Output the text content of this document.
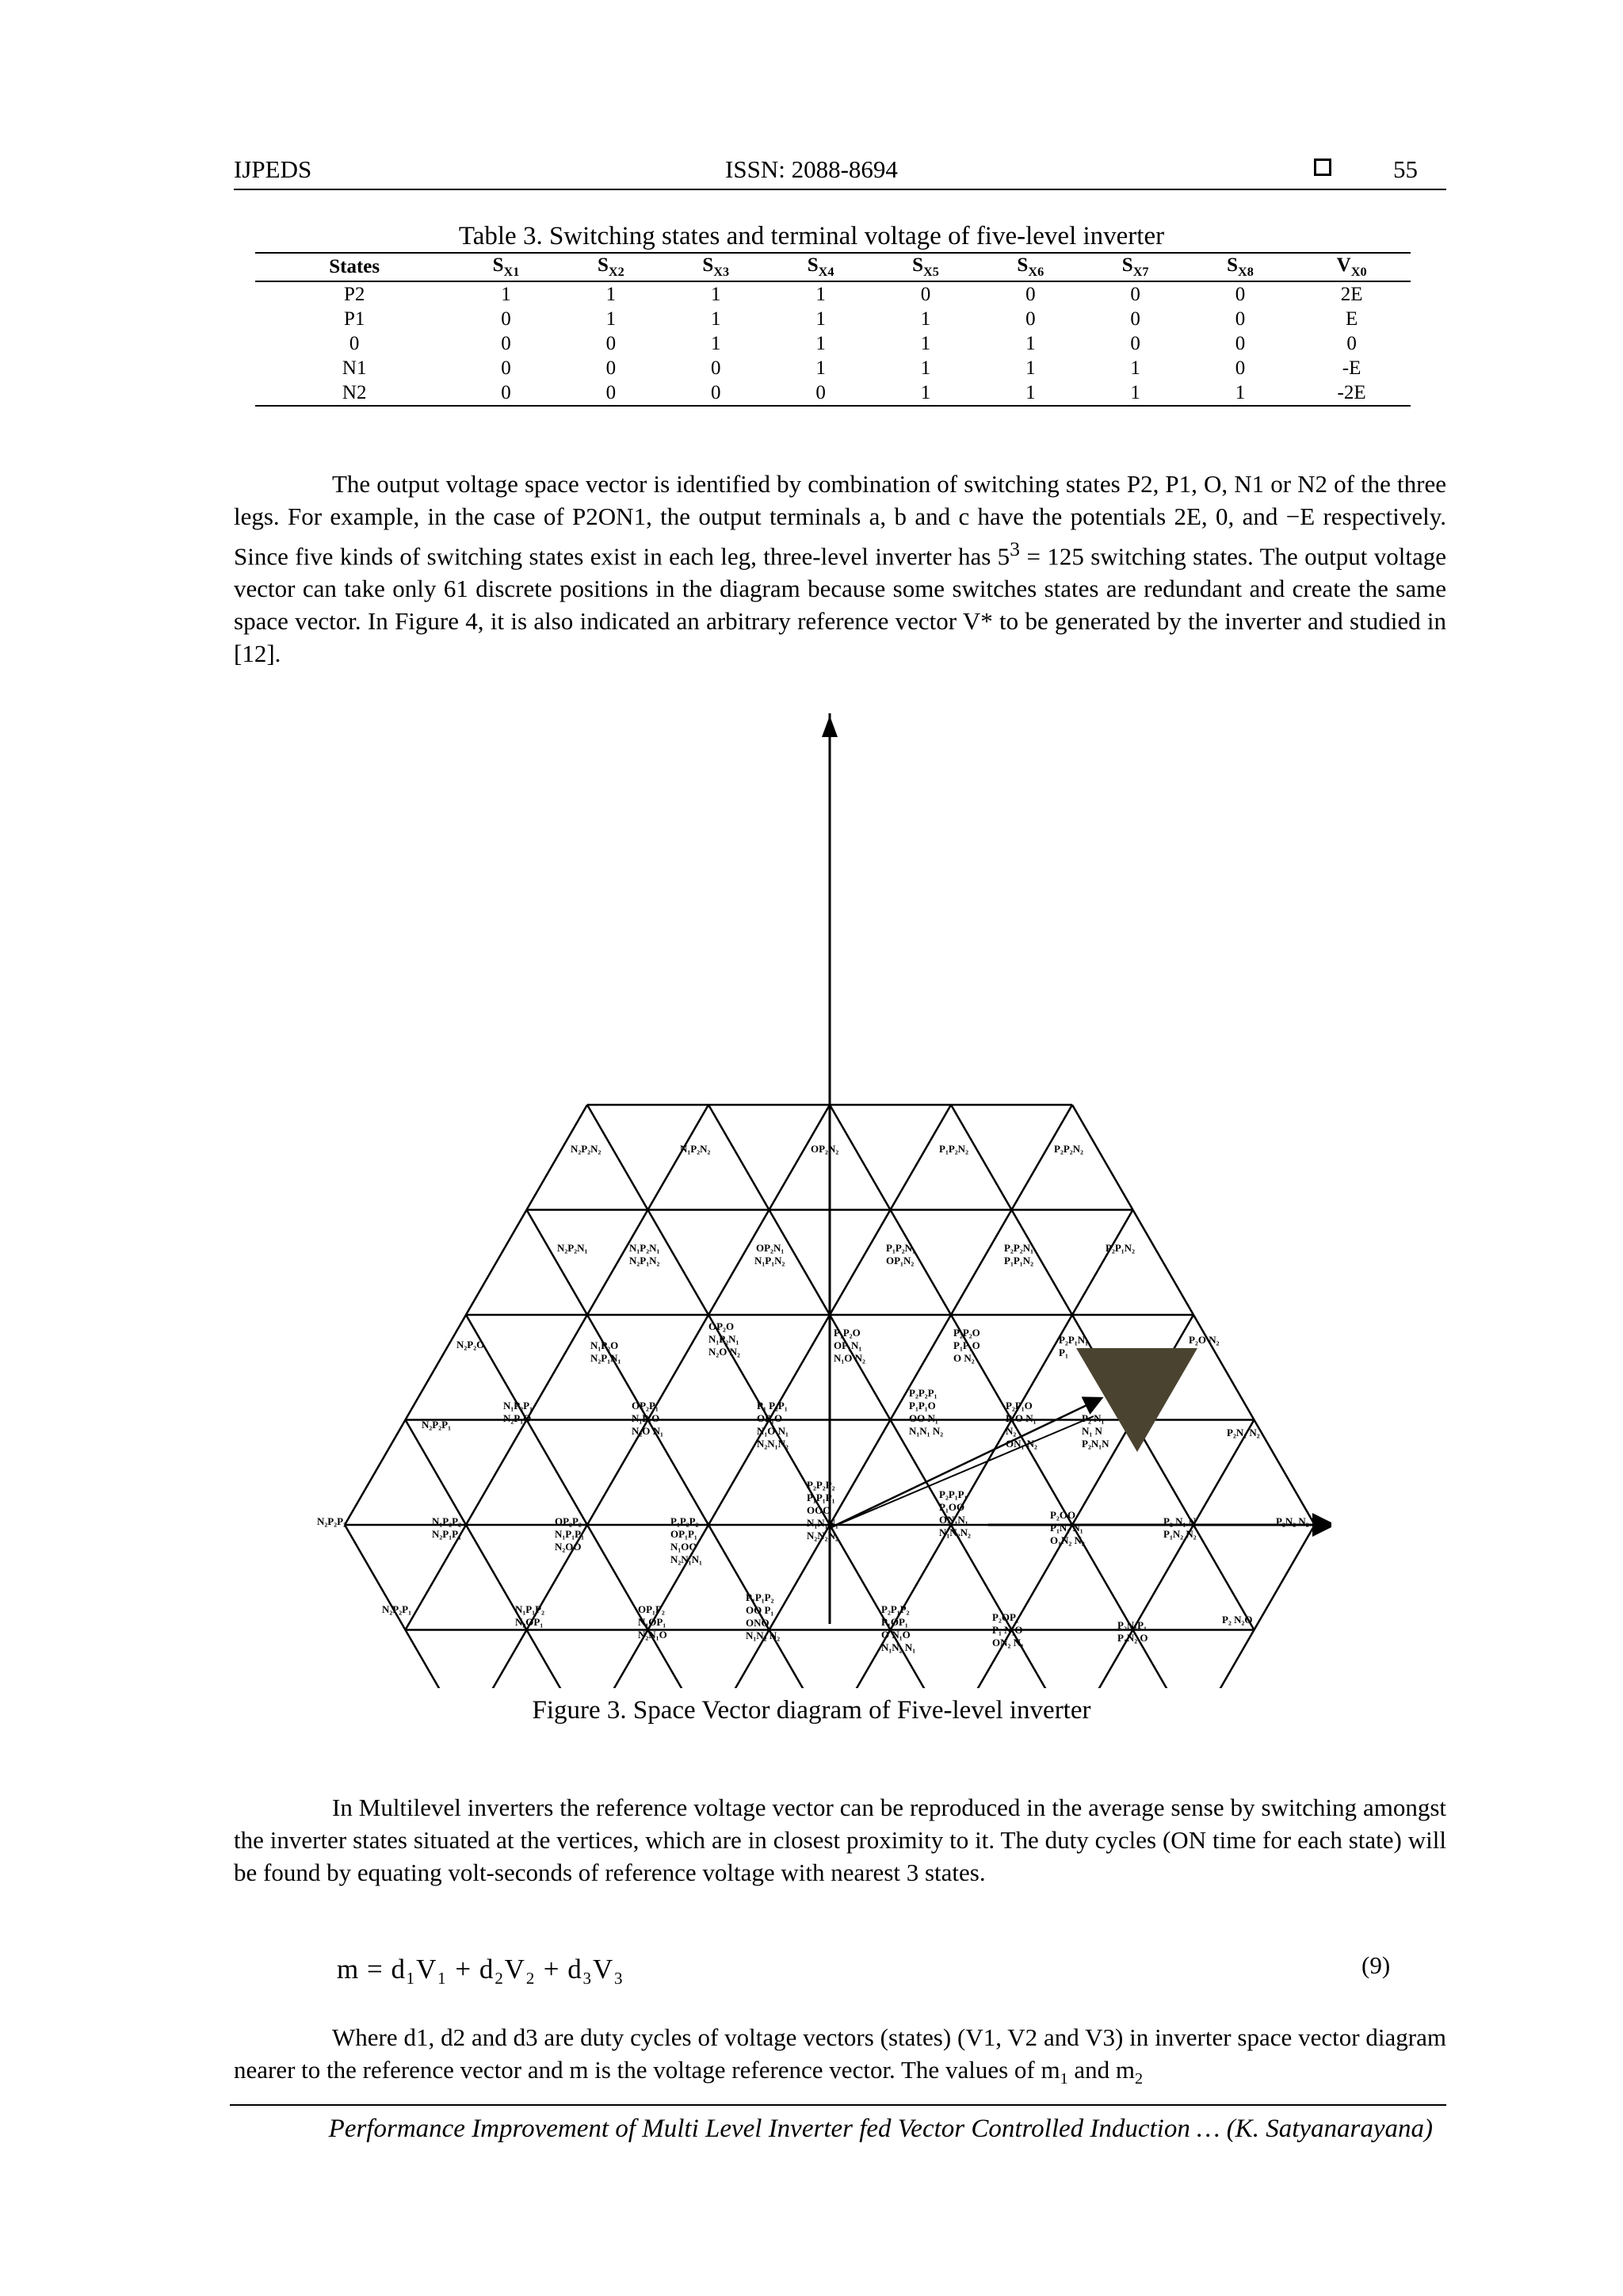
IJPEDS	ISSN: 2088-8694	55
Table 3. Switching states and terminal voltage of five-level inverter
States	$S_{X1}$	$S_{X2}$	$S_{X3}$	$S_{X4}$	$S_{X5}$	$S_{X6}$	$S_{X7}$	$S_{X8}$	$V_{X0}$
P2	1	1	1	1	0	0	0	0	2E
P1	0	1	1	1	1	0	0	0	E
0	0	0	1	1	1	1	0	0	0
N1	0	0	0	1	1	1	1	0	-E
N2	0	0	0	0	1	1	1	1	-2E

The output voltage space vector is identified by combination of switching states P2, P1, O, N1 or N2 of the three legs. For example, in the case of P2ON1, the output terminals a, b and c have the potentials 2E, 0, and −E respectively. Since five kinds of switching states exist in each leg, three-level inverter has $5^3 = 125$ switching states. The output voltage vector can take only 61 discrete positions in the diagram because some switches states are redundant and create the same space vector. In Figure 4, it is also indicated an arbitrary reference vector V* to be generated by the inverter and studied in [12].

N₂P₂N₂	N₁P₂N₂	OP₂N₂	P₁P₂N₂	P₂P₂N₂
N₂P₂N₁	N₁P₂N₁
N₂P₁N₂
OP₂N₁
N₁P₁N₂
P₁P₂N₁
OP₁N₂
P₂P₂N₁
P₁P₁N₂
P₂P₁N₂
N₂P₂O	N₁P₂O
N₂P₁N₁
OP₂O
N₁P₂N₁
N₂O N₂
P₁P₂O
OP₁N₁
N₁O N₂
P₂P₂O
P₁P₁O
O N₂
P₂P₁N₁
P₁
P₂O N₂
N₂P₂P₁
N₁P₂P₁
N₂P₁O
OP₂P₁
N₁P₁O
N₂O N₁
P₁ P₂P₁
OP₁O
N₁O N₁
N₂N₁N₂
P₂P₂P₁
P₁P₁O
OO N₁
N₁N₁ N₂
P₂P₁O
P₁O N₁
N₂
ON₁ N₂
P₂ N₁
N₁ N
P₂N₁N
P₂N₁ N₂
N₂P₂P₂	N₁P₂P₂
N₂P₁P₁
OP₂P₂
N₁P₁P₁
N₂OO
P₁P₂P₂
OP₁P₁
N₁OO
N₂N₁N₁
P₂P₂P₂
P₁P₁P₁
OOO
N₁N₁N₁
N₂N₂N₂
P₂P₁P₁
P₁OO
ON₁N₁
N₁N₂N₂
P₂OO
P₁N₁ N₁
O₁N₂ N₂
P₂ N₁ N
P₁N₂ N₂
P₂N₂ N₂
N₂P₂P₁	N₁P₁P₂
N₂OP₁
OP₁P₂
N₁OP₁
N₂N₁O
P₁P₁P₂
OO P₁
ONO
N₁N₂ N₂
P₂P₁P₂
P₁OP₁
O N₁O
N₁N₂ N₁
P₂OP₁
P₁ N₁O
ON₂ N₁
P₂N₁P₁
P₁N₂ O
P₂ N₂O
Figure 3. Space Vector diagram of Five-level inverter

In Multilevel inverters the reference voltage vector can be reproduced in the average sense by switching amongst the inverter states situated at the vertices, which are in closest proximity to it. The duty cycles (ON time for each state) will be found by equating volt-seconds of reference voltage with nearest 3 states.

m = d₁V₁ + d₂V₂ + d₃V₃	(9)

Where d1, d2 and d3 are duty cycles of voltage vectors (states) (V1, V2 and V3) in inverter space vector diagram nearer to the reference vector and m is the voltage reference vector. The values of $m_1$ and $m_2$

Performance Improvement of Multi Level Inverter fed Vector Controlled Induction … (K. Satyanarayana)
